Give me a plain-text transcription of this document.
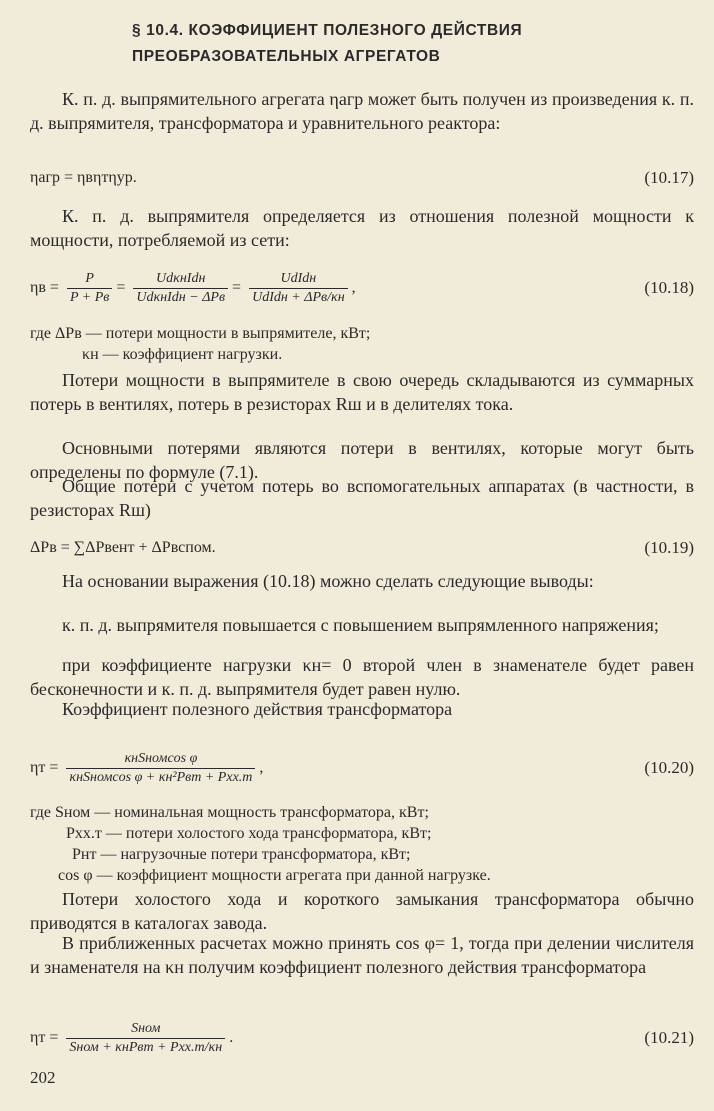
§ 10.4. КОЭФФИЦИЕНТ ПОЛЕЗНОГО ДЕЙСТВИЯ
ПРЕОБРАЗОВАТЕЛЬНЫХ АГРЕГАТОВ
К. п. д. выпрямительного агрегата ηагр может быть получен из произведения к. п. д. выпрямителя, трансформатора и уравнительного реактора:
ηагр = ηвηтηур.	(10.17)
К. п. д. выпрямителя определяется из отношения полезной мощности к мощности, потребляемой из сети:
$\eta в = \frac{P}{P + Pв} = \frac{\text{UdκнIdн}}{\text{UdκнIdн − ΔPв}} = \frac{\text{UdIdн}}{\text{UdIdн + ΔPв/κн}}$ ,	(10.18)
где ΔPв — потери мощности в выпрямителе, кВт;
κн — коэффициент нагрузки.
Потери мощности в выпрямителе в свою очередь складываются из суммарных потерь в вентилях, потерь в резисторах Rш и в делителях тока.
Основными потерями являются потери в вентилях, которые могут быть определены по формуле (7.1).
Общие потери с учетом потерь во вспомогательных аппаратах (в частности, в резисторах Rш)
ΔPв = ∑ΔPвент + ΔPвспом.	(10.19)
На основании выражения (10.18) можно сделать следующие выводы:
к. п. д. выпрямителя повышается с повышением выпрямленного напряжения;
при коэффициенте нагрузки κн= 0 второй член в знаменателе будет равен бесконечности и к. п. д. выпрямителя будет равен нулю.
Коэффициент полезного действия трансформатора
$\eta т = \frac{\text{κнSномcos φ}}{\text{κнSномcos φ + κн²Pвт + Pхх.т}}$ ,	(10.20)
где Sном — номинальная мощность трансформатора, кВт;
Pхх.т — потери холостого хода трансформатора, кВт;
Pнт — нагрузочные потери трансформатора, кВт;
cos φ — коэффициент мощности агрегата при данной нагрузке.
Потери холостого хода и короткого замыкания трансформатора обычно приводятся в каталогах завода.
В приближенных расчетах можно принять cos φ= 1, тогда при делении числителя и знаменателя на κн получим коэффициент полезного действия трансформатора
$\eta т = \frac{\text{Sном}}{\text{Sном + κнPвт + Pхх.т/κн}}$ .	(10.21)
202
